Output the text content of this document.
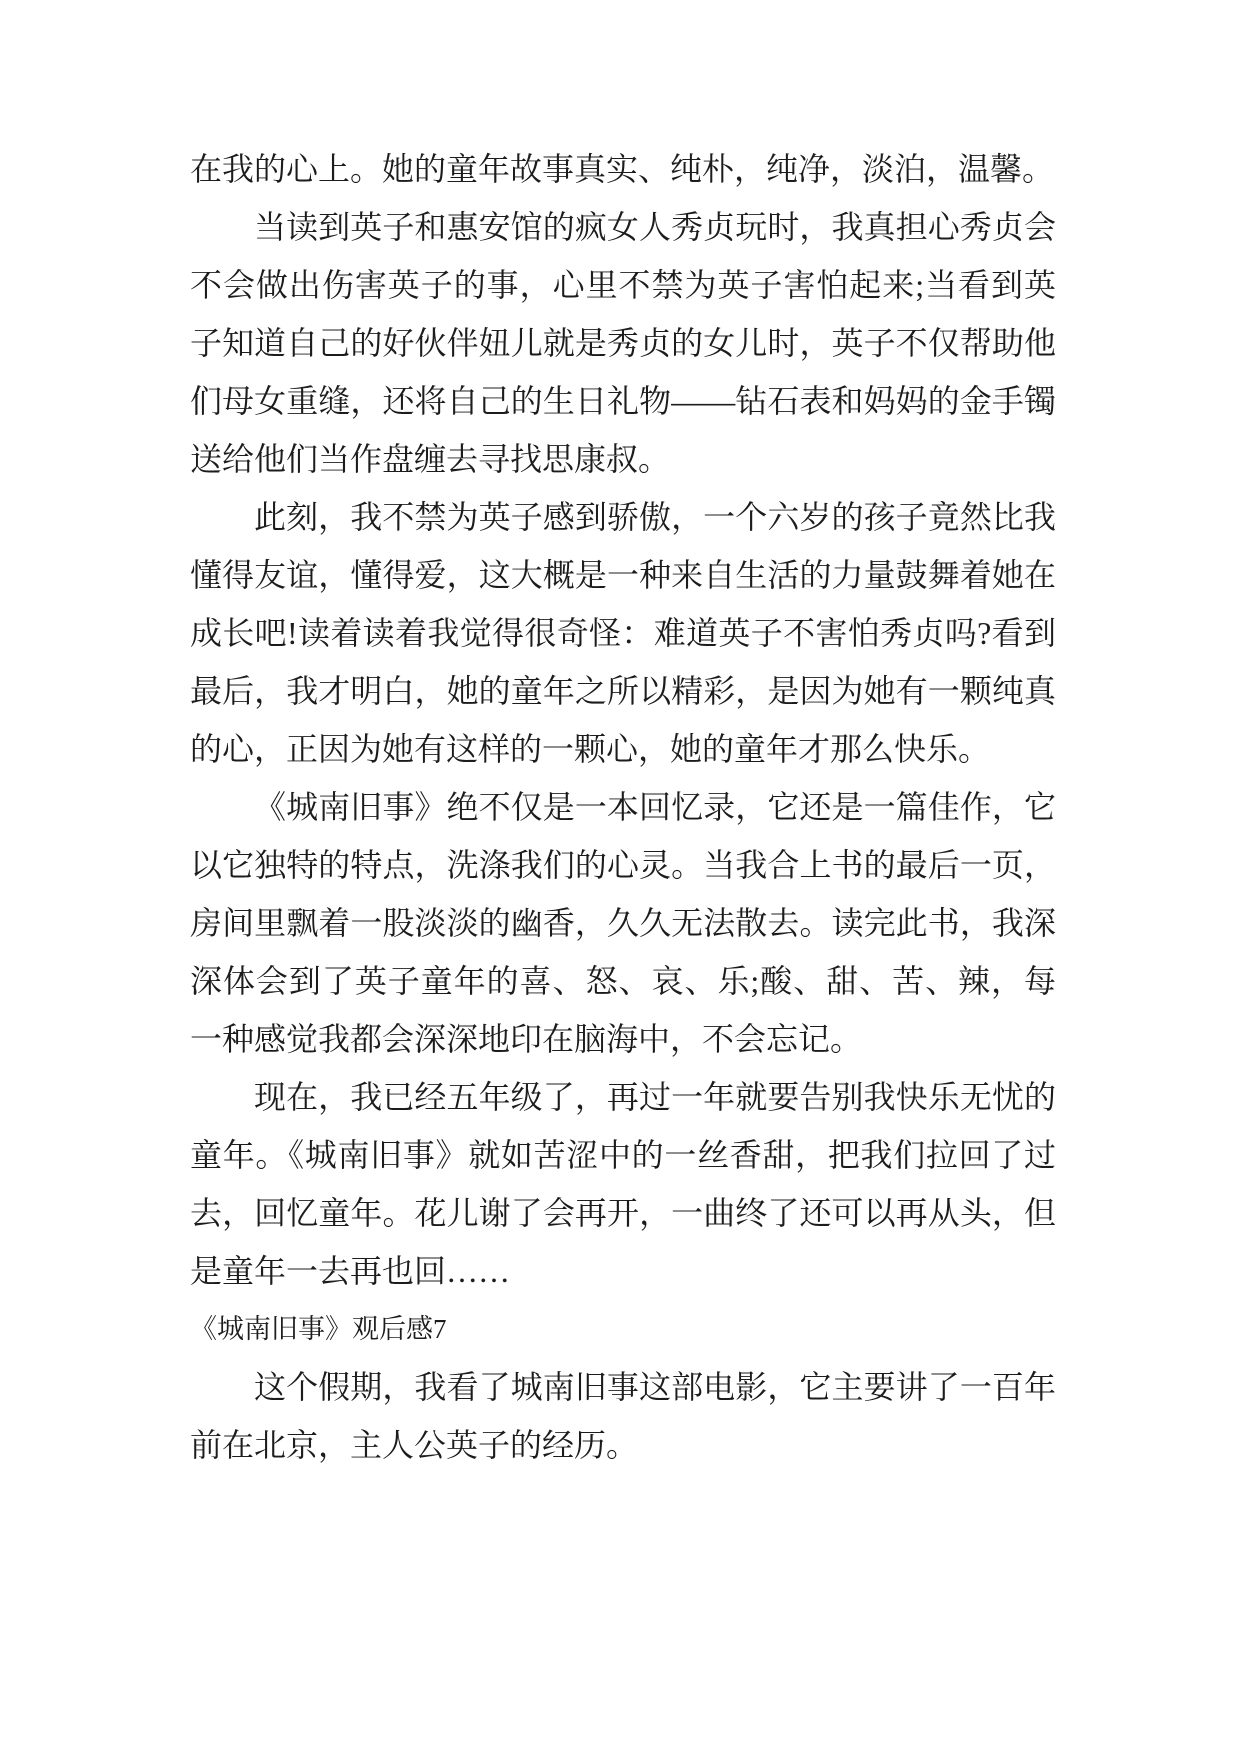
在我的心上。她的童年故事真实、纯朴，纯净，淡泊，温馨。

当读到英子和惠安馆的疯女人秀贞玩时，我真担心秀贞会不会做出伤害英子的事，心里不禁为英子害怕起来;当看到英子知道自己的好伙伴妞儿就是秀贞的女儿时，英子不仅帮助他们母女重缝，还将自己的生日礼物——钻石表和妈妈的金手镯送给他们当作盘缠去寻找思康叔。

此刻，我不禁为英子感到骄傲，一个六岁的孩子竟然比我懂得友谊，懂得爱，这大概是一种来自生活的力量鼓舞着她在成长吧!读着读着我觉得很奇怪：难道英子不害怕秀贞吗?看到最后，我才明白，她的童年之所以精彩，是因为她有一颗纯真的心，正因为她有这样的一颗心，她的童年才那么快乐。

《城南旧事》绝不仅是一本回忆录，它还是一篇佳作，它以它独特的特点，洗涤我们的心灵。当我合上书的最后一页，房间里飘着一股淡淡的幽香，久久无法散去。读完此书，我深深体会到了英子童年的喜、怒、哀、乐;酸、甜、苦、辣，每一种感觉我都会深深地印在脑海中，不会忘记。

现在，我已经五年级了，再过一年就要告别我快乐无忧的童年。《城南旧事》就如苦涩中的一丝香甜，把我们拉回了过去，回忆童年。花儿谢了会再开，一曲终了还可以再从头，但是童年一去再也回……

《城南旧事》观后感7

这个假期，我看了城南旧事这部电影，它主要讲了一百年前在北京，主人公英子的经历。
